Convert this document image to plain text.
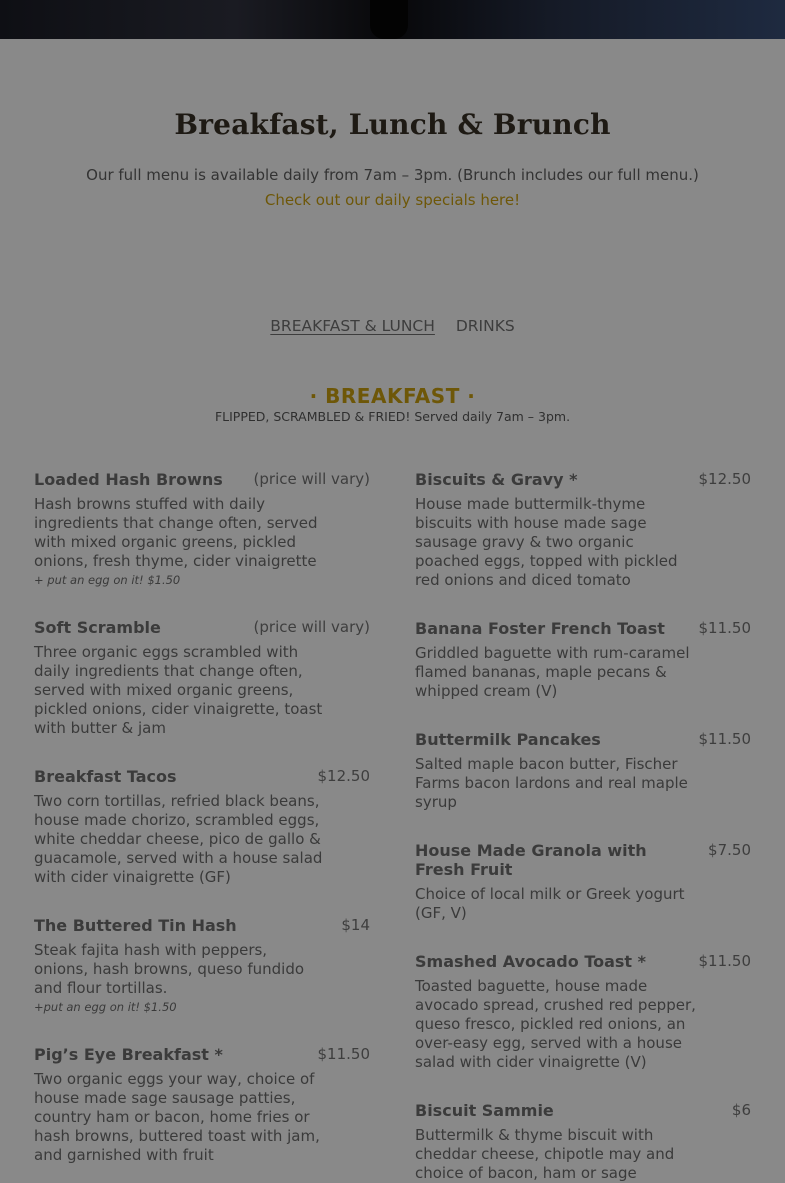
Breakfast, Lunch & Brunch

Our full menu is available daily from 7am – 3pm. (Brunch includes our full menu.)

Check out our daily specials here!
BREAKFAST & LUNCH DRINKS
· BREAKFAST ·

FLIPPED, SCRAMBLED & FRIED! Served daily 7am – 3pm.

Loaded Hash Browns	(price will vary)
Hash browns stuffed with daily ingredients that change often, served with mixed organic greens, pickled onions, fresh thyme, cider vinaigrette
+ put an egg on it! $1.50
Soft Scramble	(price will vary)
Three organic eggs scrambled with daily ingredients that change often, served with mixed organic greens, pickled onions, cider vinaigrette, toast with butter & jam
Breakfast Tacos	$12.50
Two corn tortillas, refried black beans, house made chorizo, scrambled eggs, white cheddar cheese, pico de gallo & guacamole, served with a house salad with cider vinaigrette (GF)
The Buttered Tin Hash	$14
Steak fajita hash with peppers, onions, hash browns, queso fundido and flour tortillas.
+put an egg on it! $1.50
Pig’s Eye Breakfast *	$11.50
Two organic eggs your way, choice of house made sage sausage patties, country ham or bacon, home fries or hash browns, buttered toast with jam, and garnished with fruit
Biscuits & Gravy *	$12.50
House made buttermilk-thyme biscuits with house made sage sausage gravy & two organic poached eggs, topped with pickled red onions and diced tomato
Banana Foster French Toast	$11.50
Griddled baguette with rum-caramel flamed bananas, maple pecans & whipped cream (V)
Buttermilk Pancakes	$11.50
Salted maple bacon butter, Fischer Farms bacon lardons and real maple syrup
House Made Granola with Fresh Fruit
$7.50
Choice of local milk or Greek yogurt (GF, V)
Smashed Avocado Toast *	$11.50
Toasted baguette, house made avocado spread, crushed red pepper, queso fresco, pickled red onions, an over-easy egg, served with a house salad with cider vinaigrette (V)
Biscuit Sammie	$6
Buttermilk & thyme biscuit with cheddar cheese, chipotle may and choice of bacon, ham or sage
